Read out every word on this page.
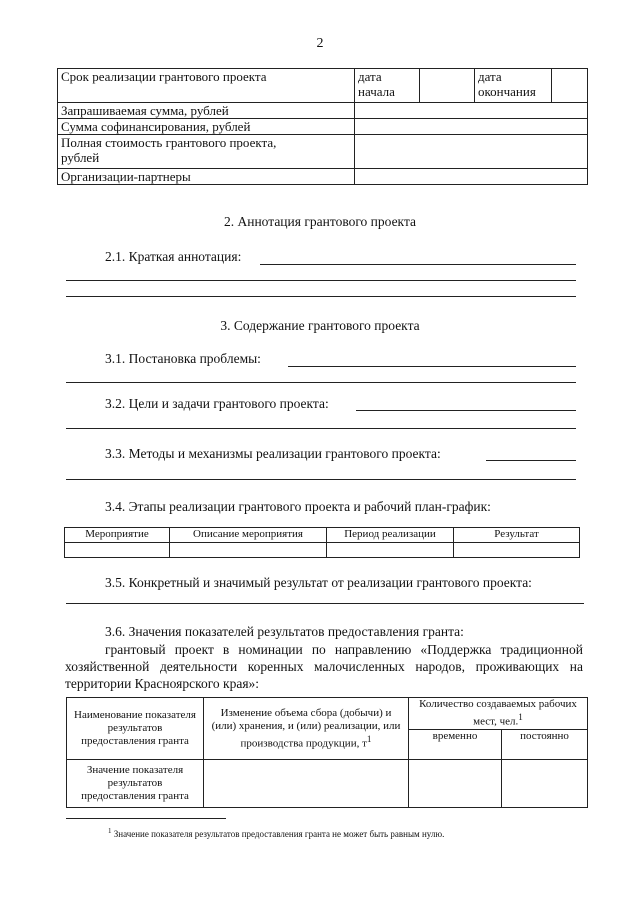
2
Срок реализации грантового проекта	дата начала		дата окончания	
Запрашиваемая сумма, рублей				
Сумма софинансирования, рублей				
Полная стоимость грантового проекта,
рублей				
Организации-партнеры				
2. Аннотация грантового проекта
2.1. Краткая аннотация:
3. Содержание грантового проекта
3.1. Постановка проблемы:
3.2. Цели и задачи грантового проекта:
3.3. Методы и механизмы реализации грантового проекта:
3.4. Этапы реализации грантового проекта и рабочий план-график:
Мероприятие	Описание мероприятия	Период реализации	Результат

3.5. Конкретный и значимый результат от реализации грантового проекта:
3.6. Значения показателей результатов предоставления гранта:
грантовый проект в номинации по направлению «Поддержка традиционной хозяйственной деятельности коренных малочисленных народов, проживающих на территории Красноярского края»:
Наименование показателя результатов предоставления гранта	Изменение объема сбора (добычи) и (или) хранения, и (или) реализации, или производства продукции, $т^1$	Количество создаваемых рабочих мест, чел.$^1$
		временно	постоянно
Значение показателя результатов предоставления гранта			
$^1$ Значение показателя результатов предоставления гранта не может быть равным нулю.
